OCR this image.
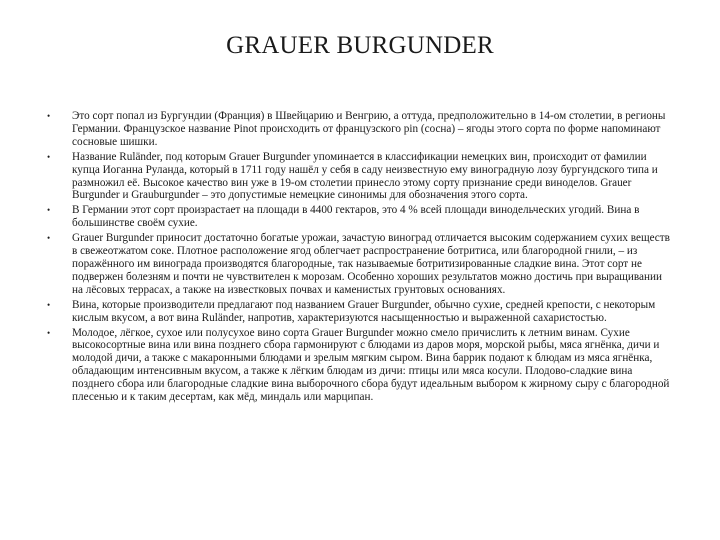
GRAUER BURGUNDER
• Это сорт попал из Бургундии (Франция) в Швейцарию и Венгрию, а оттуда, предположительно в 14-ом столетии, в регионы Германии. Французское название Pinot происходить от французского pin (сосна) – ягоды этого сорта по форме напоминают сосновые шишки.
• Название Ruländer, под которым Grauer Burgunder упоминается в классификации немецких вин, происходит от фамилии купца Иоганна Руланда, который в 1711 году нашёл у себя в саду неизвестную ему виноградную лозу бургундского типа и размножил её. Высокое качество вин уже в 19-ом столетии принесло этому сорту признание среди виноделов. Grauer Burgunder и Grauburgunder – это допустимые немецкие синонимы для обозначения этого сорта.
• В Германии этот сорт произрастает на площади в 4400 гектаров, это 4 % всей площади винодельческих угодий. Вина в большинстве своём сухие.
• Grauer Burgunder приносит достаточно богатые урожаи, зачастую виноград отличается высоким содержанием сухих веществ в свежеотжатом соке. Плотное расположение ягод облегчает распространение ботритиса, или благородной гнили, – из поражённого им винограда производятся благородные, так называемые ботритизированные сладкие вина. Этот сорт не подвержен болезням и почти не чувствителен к морозам. Особенно хороших результатов можно достичь при выращивании на лёсовых террасах, а также на известковых почвах и каменистых грунтовых основаниях.
• Вина, которые производители предлагают под названием Grauer Burgunder, обычно сухие, средней крепости, с некоторым кислым вкусом, а вот вина Ruländer, напротив, характеризуются насыщенностью и выраженной сахаристостью.
• Молодое, лёгкое, сухое или полусухое вино сорта Grauer Burgunder можно смело причислить к летним винам. Сухие высокосортные вина или вина позднего сбора гармонируют с блюдами из даров моря, морской рыбы, мяса ягнёнка, дичи и молодой дичи, а также с макаронными блюдами и зрелым мягким сыром. Вина баррик подают к блюдам из мяса ягнёнка, обладающим интенсивным вкусом, а также к лёгким блюдам из дичи: птицы или мяса косули. Плодово-сладкие вина позднего сбора или благородные сладкие вина выборочного сбора будут идеальным выбором к жирному сыру с благородной плесенью и к таким десертам, как мёд, миндаль или марципан.
